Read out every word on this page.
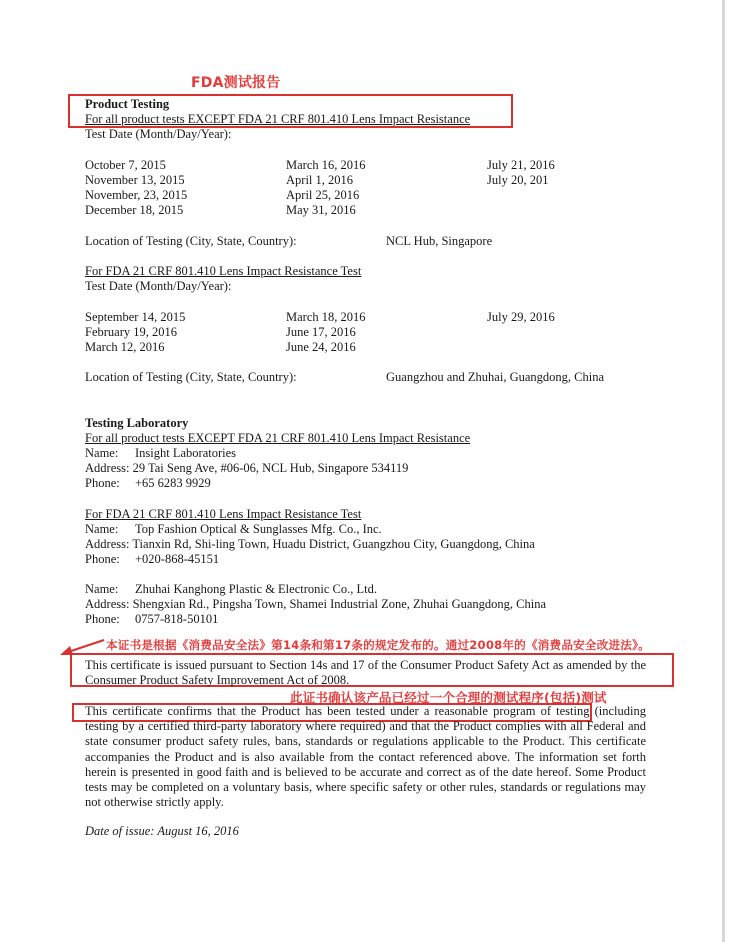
FDA测试报告
Product Testing
For all product tests EXCEPT FDA 21 CRF 801.410 Lens Impact Resistance
Test Date (Month/Day/Year):
October 7, 2015
November 13, 2015
November, 23, 2015
December 18, 2015
March 16, 2016
April 1, 2016
April 25, 2016
May 31, 2016
July 21, 2016
July 20, 201
Location of Testing (City, State, Country):	NCL Hub, Singapore
For FDA 21 CRF 801.410 Lens Impact Resistance Test
Test Date (Month/Day/Year):
September 14, 2015
February 19, 2016
March 12, 2016
March 18, 2016
June 17, 2016
June 24, 2016
July 29, 2016
Location of Testing (City, State, Country):	Guangzhou and Zhuhai, Guangdong, China
Testing Laboratory
For all product tests EXCEPT FDA 21 CRF 801.410 Lens Impact Resistance
Name: Insight Laboratories
Address: 29 Tai Seng Ave, #06-06, NCL Hub, Singapore 534119
Phone: +65 6283 9929
For FDA 21 CRF 801.410 Lens Impact Resistance Test
Name: Top Fashion Optical & Sunglasses Mfg. Co., Inc.
Address: Tianxin Rd, Shi-ling Town, Huadu District, Guangzhou City, Guangdong, China
Phone: +020-868-45151
Name: Zhuhai Kanghong Plastic & Electronic Co., Ltd.
Address: Shengxian Rd., Pingsha Town, Shamei Industrial Zone, Zhuhai Guangdong, China
Phone: 0757-818-50101
本证书是根据《消费品安全法》第14条和第17条的规定发布的。通过2008年的《消费品安全改进法》。
This certificate is issued pursuant to Section 14s and 17 of the Consumer Product Safety Act as amended by the Consumer Product Safety Improvement Act of 2008.
此证书确认该产品已经过一个合理的测试程序(包括)测试
This certificate confirms that the Product has been tested under a reasonable program of testing (including testing by a certified third-party laboratory where required) and that the Product complies with all Federal and state consumer product safety rules, bans, standards or regulations applicable to the Product. This certificate accompanies the Product and is also available from the contact referenced above. The information set forth herein is presented in good faith and is believed to be accurate and correct as of the date hereof. Some Product tests may be completed on a voluntary basis, where specific safety or other rules, standards or regulations may not otherwise strictly apply.
Date of issue: August 16, 2016
